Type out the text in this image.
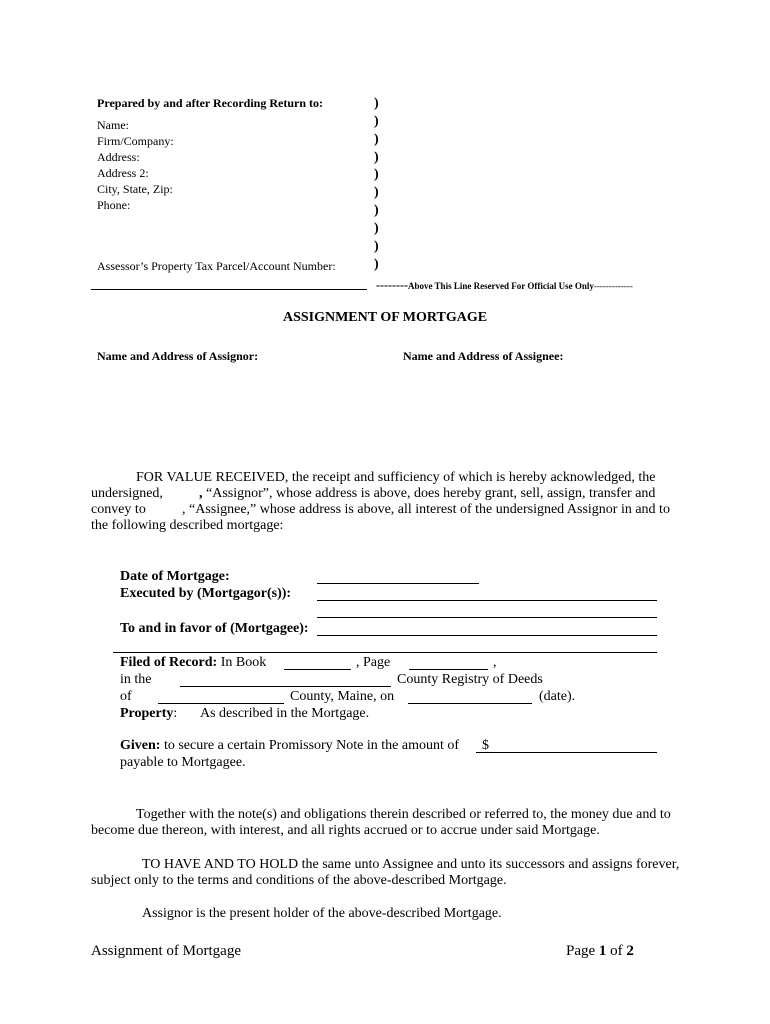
Prepared by and after Recording Return to:
Name:
Firm/Company:
Address:
Address 2:
City, State, Zip:
Phone:
)
)
)
)
)
)
)
)
)
)
Assessor’s Property Tax Parcel/Account Number:
--------Above This Line Reserved For Official Use Only-------------
ASSIGNMENT OF MORTGAGE
Name and Address of Assignor:	Name and Address of Assignee:
FOR VALUE RECEIVED, the receipt and sufficiency of which is hereby acknowledged, the
undersigned,	, “Assignor”, whose address is above, does hereby grant, sell, assign, transfer and
convey to	, “Assignee,” whose address is above, all interest of the undersigned Assignor in and to
the following described mortgage:
Date of Mortgage:
Executed by (Mortgagor(s)):
To and in favor of (Mortgagee):
Filed of Record: In Book	, Page	,
in the	County Registry of Deeds
of	County, Maine, on	(date).
Property: As described in the Mortgage.
Given: to secure a certain Promissory Note in the amount of $
payable to Mortgagee.
Together with the note(s) and obligations therein described or referred to, the money due and to
become due thereon, with interest, and all rights accrued or to accrue under said Mortgage.
TO HAVE AND TO HOLD the same unto Assignee and unto its successors and assigns forever,
subject only to the terms and conditions of the above-described Mortgage.
Assignor is the present holder of the above-described Mortgage.
Assignment of Mortgage	Page 1 of 2
